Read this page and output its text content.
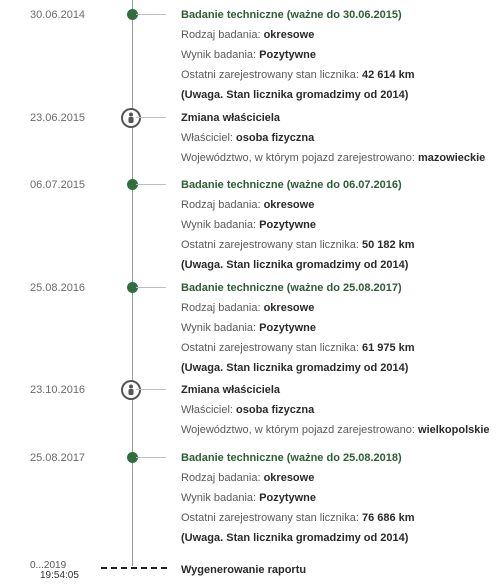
30.06.2014	Badanie techniczne (ważne do 30.06.2015)
Rodzaj badania: okresowe
Wynik badania: Pozytywne
Ostatni zarejestrowany stan licznika: 42 614 km
(Uwaga. Stan licznika gromadzimy od 2014)
23.06.2015	Zmiana właściciela
Właściciel: osoba fizyczna
Województwo, w którym pojazd zarejestrowano: mazowieckie
06.07.2015	Badanie techniczne (ważne do 06.07.2016)
Rodzaj badania: okresowe
Wynik badania: Pozytywne
Ostatni zarejestrowany stan licznika: 50 182 km
(Uwaga. Stan licznika gromadzimy od 2014)
25.08.2016	Badanie techniczne (ważne do 25.08.2017)
Rodzaj badania: okresowe
Wynik badania: Pozytywne
Ostatni zarejestrowany stan licznika: 61 975 km
(Uwaga. Stan licznika gromadzimy od 2014)
23.10.2016	Zmiana właściciela
Właściciel: osoba fizyczna
Województwo, w którym pojazd zarejestrowano: wielkopolskie
25.08.2017	Badanie techniczne (ważne do 25.08.2018)
Rodzaj badania: okresowe
Wynik badania: Pozytywne
Ostatni zarejestrowany stan licznika: 76 686 km
(Uwaga. Stan licznika gromadzimy od 2014)
0...2019
19:54:05	Wygenerowanie raportu
